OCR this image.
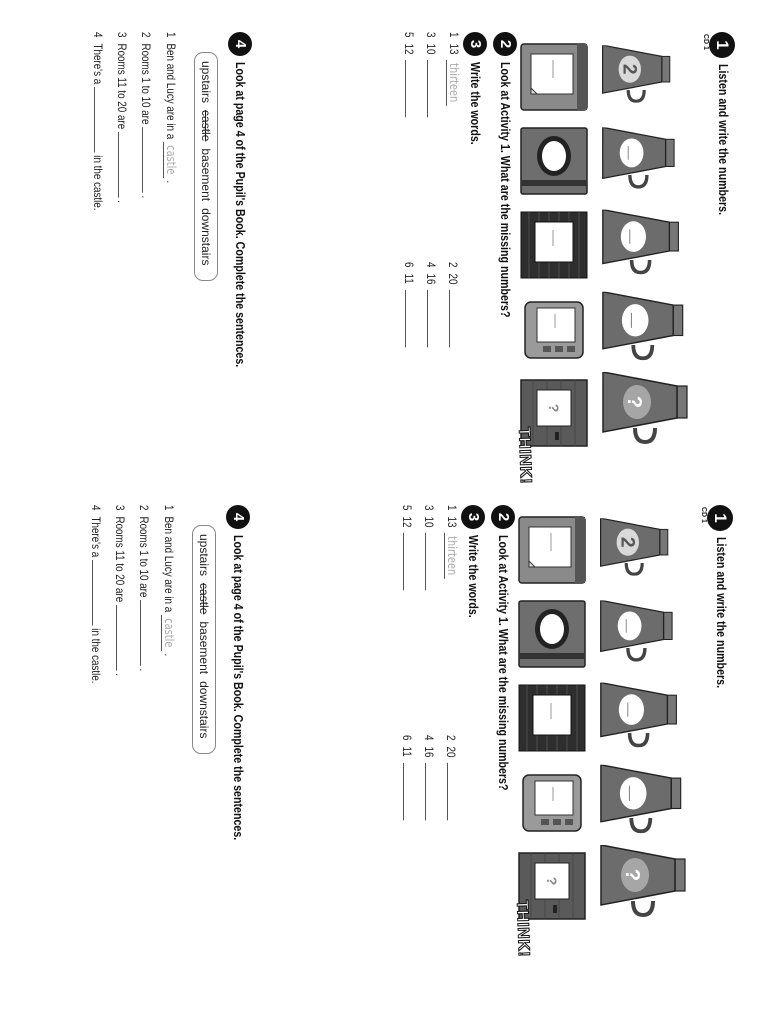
1
CD 1
Listen and write the numbers.
2
?
?
2
Look at Activity 1. What are the missing numbers?
THINK!
3
Write the words.
113thirteen
220
310
416
512
611
1
CD 1
Listen and write the numbers.
2
?
?
2
Look at Activity 1. What are the missing numbers?
THINK!
3
Write the words.
113thirteen
220
310
416
512
611
4
Look at page 4 of the Pupil's Book. Complete the sentences.
upstairscastlebasementdownstairs
1Ben and Lucy are in a castle .
2Rooms 1 to 10 are  .
3Rooms 11 to 20 are  .
4There's a  in the castle.
4
Look at page 4 of the Pupil's Book. Complete the sentences.
upstairscastlebasementdownstairs
1Ben and Lucy are in a castle .
2Rooms 1 to 10 are  .
3Rooms 11 to 20 are  .
4There's a  in the castle.
